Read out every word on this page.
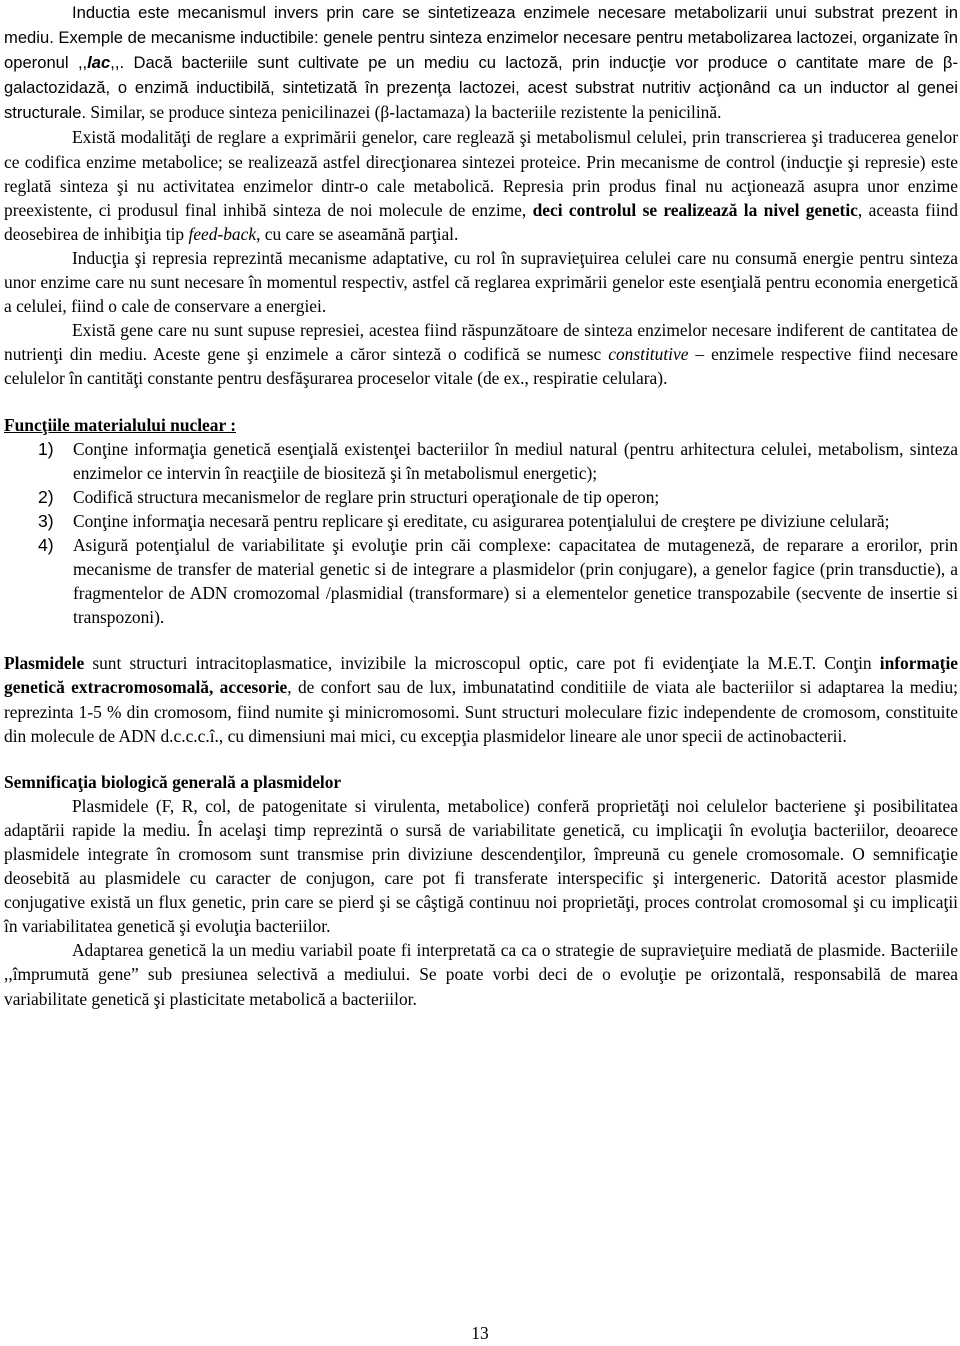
Inductia este mecanismul invers prin care se sintetizeaza enzimele necesare metabolizarii unui substrat prezent in mediu. Exemple de mecanisme inductibile: genele pentru sinteza enzimelor necesare pentru metabolizarea lactozei, organizate în operonul ,,lac,,. Dacă bacteriile sunt cultivate pe un mediu cu lactoză, prin inducţie vor produce o cantitate mare de β-galactozidază, o enzimă inductibilă, sintetizată în prezenţa lactozei, acest substrat nutritiv acţionând ca un inductor al genei structurale. Similar, se produce sinteza penicilinazei (β-lactamaza) la bacteriile rezistente la penicilină.

Există modalităţi de reglare a exprimării genelor, care reglează şi metabolismul celulei, prin transcrierea şi traducerea genelor ce codifica enzime metabolice; se realizează astfel direcţionarea sintezei proteice. Prin mecanisme de control (inducţie şi represie) este reglată sinteza şi nu activitatea enzimelor dintr-o cale metabolică. Represia prin produs final nu acţionează asupra unor enzime preexistente, ci produsul final inhibă sinteza de noi molecule de enzime, deci controlul se realizează la nivel genetic, aceasta fiind deosebirea de inhibiţia tip feed-back, cu care se aseamănă parţial.

Inducţia şi represia reprezintă mecanisme adaptative, cu rol în supravieţuirea celulei care nu consumă energie pentru sinteza unor enzime care nu sunt necesare în momentul respectiv, astfel că reglarea exprimării genelor este esenţială pentru economia energetică a celulei, fiind o cale de conservare a energiei.

Există gene care nu sunt supuse represiei, acestea fiind răspunzătoare de sinteza enzimelor necesare indiferent de cantitatea de nutrienţi din mediu. Aceste gene şi enzimele a căror sinteză o codifică se numesc constitutive – enzimele respective fiind necesare celulelor în cantităţi constante pentru desfăşurarea proceselor vitale (de ex., respiratie celulara).

Funcţiile materialului nuclear :

1) Conţine informaţia genetică esenţială existenţei bacteriilor în mediul natural (pentru arhitectura celulei, metabolism, sinteza enzimelor ce intervin în reacţiile de biositeză şi în metabolismul energetic);
2) Codifică structura mecanismelor de reglare prin structuri operaţionale de tip operon;
3) Conţine informaţia necesară pentru replicare şi ereditate, cu asigurarea potenţialului de creştere pe diviziune celulară;
4) Asigură potenţialul de variabilitate şi evoluţie prin căi complexe: capacitatea de mutageneză, de reparare a erorilor, prin mecanisme de transfer de material genetic si de integrare a plasmidelor (prin conjugare), a genelor fagice (prin transductie), a fragmentelor de ADN cromozomal /plasmidial (transformare) si a elementelor genetice transpozabile (secvente de insertie si transpozoni).

Plasmidele sunt structuri intracitoplasmatice, invizibile la microscopul optic, care pot fi evidenţiate la M.E.T. Conţin informaţie genetică extracromosomală, accesorie, de confort sau de lux, imbunatatind conditiile de viata ale bacteriilor si adaptarea la mediu; reprezinta 1-5 % din cromosom, fiind numite şi minicromosomi. Sunt structuri moleculare fizic independente de cromosom, constituite din molecule de ADN d.c.c.c.î., cu dimensiuni mai mici, cu excepţia plasmidelor lineare ale unor specii de actinobacterii.

Semnificaţia biologică generală a plasmidelor

Plasmidele (F, R, col, de patogenitate si virulenta, metabolice) conferă proprietăţi noi celulelor bacteriene şi posibilitatea adaptării rapide la mediu. În acelaşi timp reprezintă o sursă de variabilitate genetică, cu implicaţii în evoluţia bacteriilor, deoarece plasmidele integrate în cromosom sunt transmise prin diviziune descendenţilor, împreună cu genele cromosomale. O semnificaţie deosebită au plasmidele cu caracter de conjugon, care pot fi transferate interspecific şi intergeneric. Datorită acestor plasmide conjugative există un flux genetic, prin care se pierd şi se câştigă continuu noi proprietăţi, proces controlat cromosomal şi cu implicaţii în variabilitatea genetică şi evoluţia bacteriilor.

Adaptarea genetică la un mediu variabil poate fi interpretată ca ca o strategie de supravieţuire mediată de plasmide. Bacteriile ,,împrumută gene” sub presiunea selectivă a mediului. Se poate vorbi deci de o evoluţie pe orizontală, responsabilă de marea variabilitate genetică şi plasticitate metabolică a bacteriilor.

13
